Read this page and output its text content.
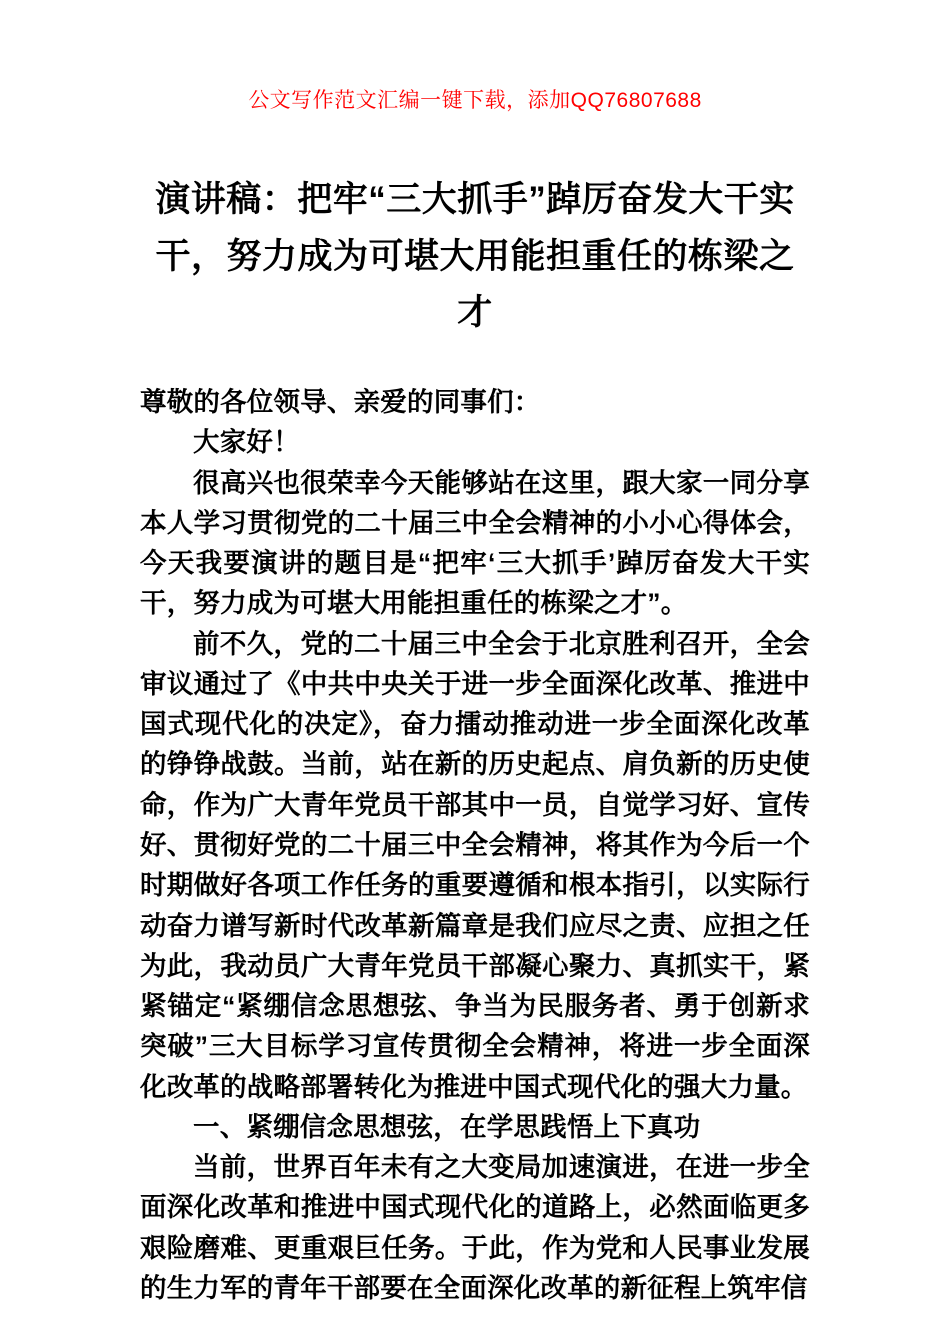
公文写作范文汇编一键下载，添加QQ76807688
演讲稿：把牢“三大抓手”踔厉奋发大干实干，努力成为可堪大用能担重任的栋梁之才

尊敬的各位领导、亲爱的同事们：

大家好！

很高兴也很荣幸今天能够站在这里，跟大家一同分享本人学习贯彻党的二十届三中全会精神的小小心得体会，今天我要演讲的题目是“把牢‘三大抓手’踔厉奋发大干实干，努力成为可堪大用能担重任的栋梁之才”。

前不久，党的二十届三中全会于北京胜利召开，全会审议通过了《中共中央关于进一步全面深化改革、推进中国式现代化的决定》，奋力擂动推动进一步全面深化改革的铮铮战鼓。当前，站在新的历史起点、肩负新的历史使命，作为广大青年党员干部其中一员，自觉学习好、宣传好、贯彻好党的二十届三中全会精神，将其作为今后一个时期做好各项工作任务的重要遵循和根本指引，以实际行动奋力谱写新时代改革新篇章是我们应尽之责、应担之任为此，我动员广大青年党员干部凝心聚力、真抓实干，紧紧锚定“紧绷信念思想弦、争当为民服务者、勇于创新求突破”三大目标学习宣传贯彻全会精神，将进一步全面深化改革的战略部署转化为推进中国式现代化的强大力量。

一、紧绷信念思想弦，在学思践悟上下真功

当前，世界百年未有之大变局加速演进，在进一步全面深化改革和推进中国式现代化的道路上，必然面临更多艰险磨难、更重艰巨任务。于此，作为党和人民事业发展的生力军的青年干部要在全面深化改革的新征程上筑牢信
